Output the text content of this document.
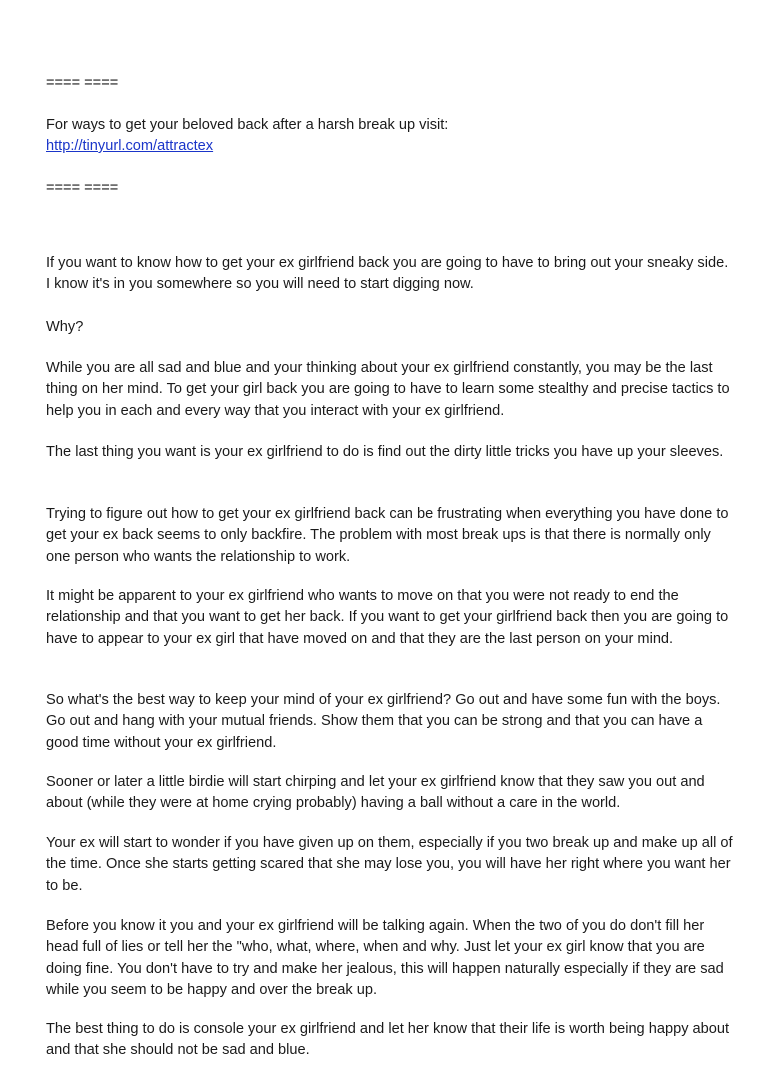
==== ====
For ways to get your beloved back after a harsh break up visit:
http://tinyurl.com/attractex
==== ====

If you want to know how to get your ex girlfriend back you are going to have to bring out your sneaky side. I know it's in you somewhere so you will need to start digging now.

Why?

While you are all sad and blue and your thinking about your ex girlfriend constantly, you may be the last thing on her mind. To get your girl back you are going to have to learn some stealthy and precise tactics to help you in each and every way that you interact with your ex girlfriend.

The last thing you want is your ex girlfriend to do is find out the dirty little tricks you have up your sleeves.

Trying to figure out how to get your ex girlfriend back can be frustrating when everything you have done to get your ex back seems to only backfire. The problem with most break ups is that there is normally only one person who wants the relationship to work.

It might be apparent to your ex girlfriend who wants to move on that you were not ready to end the relationship and that you want to get her back. If you want to get your girlfriend back then you are going to have to appear to your ex girl that have moved on and that they are the last person on your mind.

So what's the best way to keep your mind of your ex girlfriend? Go out and have some fun with the boys. Go out and hang with your mutual friends. Show them that you can be strong and that you can have a good time without your ex girlfriend.

Sooner or later a little birdie will start chirping and let your ex girlfriend know that they saw you out and about (while they were at home crying probably) having a ball without a care in the world.

Your ex will start to wonder if you have given up on them, especially if you two break up and make up all of the time. Once she starts getting scared that she may lose you, you will have her right where you want her to be.

Before you know it you and your ex girlfriend will be talking again. When the two of you do don't fill her head full of lies or tell her the "who, what, where, when and why. Just let your ex girl know that you are doing fine. You don't have to try and make her jealous, this will happen naturally especially if they are sad while you seem to be happy and over the break up.

The best thing to do is console your ex girlfriend and let her know that their life is worth being happy about and that she should not be sad and blue.
